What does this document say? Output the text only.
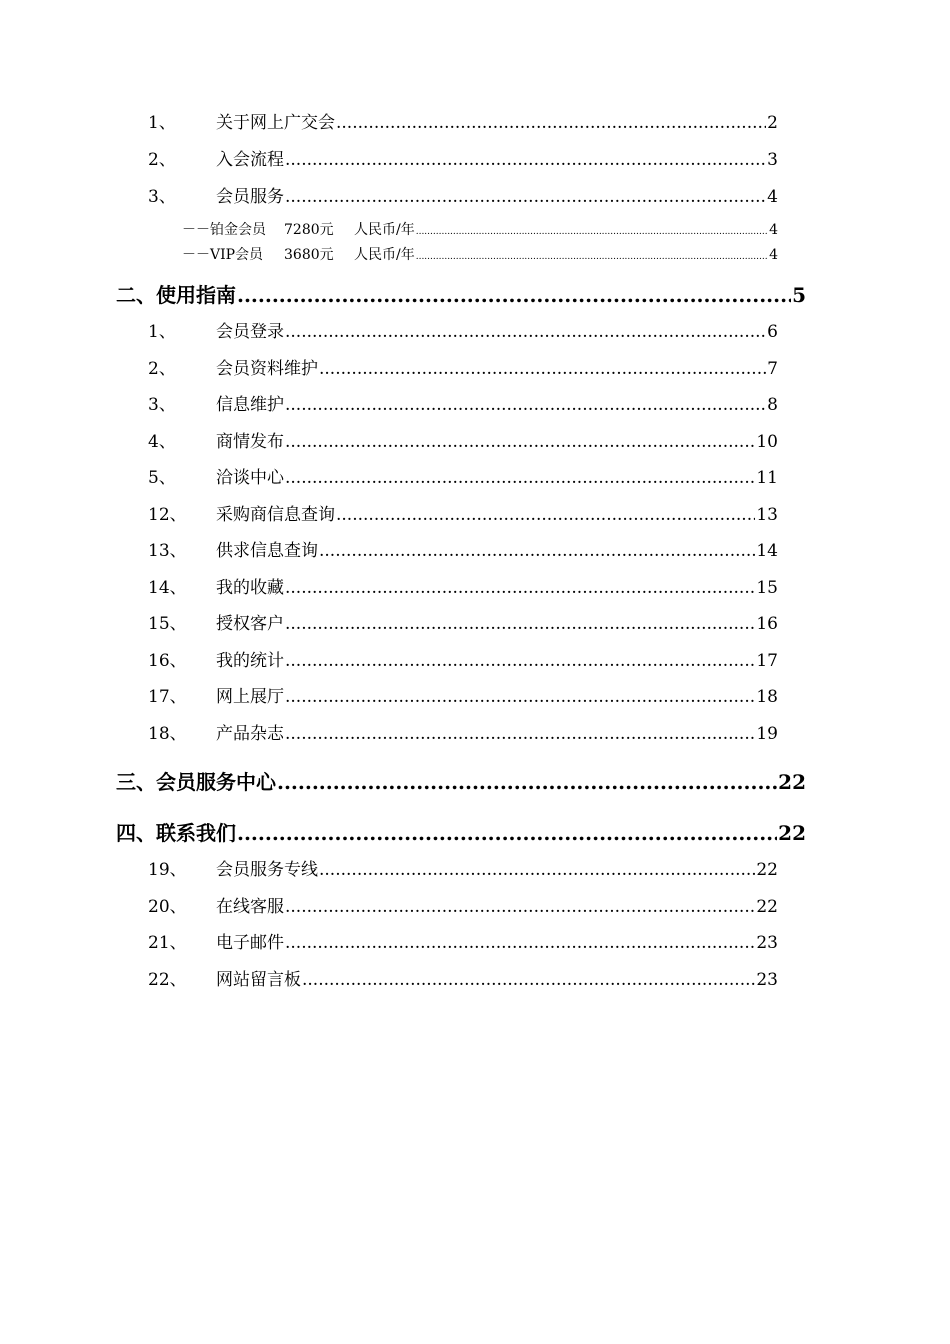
1、	关于网上广交会 .....	2
2、	入会流程 .....	3
3、	会员服务 .....	4
－－铂金会员	7280元	人民币/年 .....	4
－－VIP会员	3680元	人民币/年 .....	4
二、使用指南 .....	5
1、	会员登录 .....	6
2、	会员资料维护 .....	7
3、	信息维护 .....	8
4、	商情发布 .....	10
5、	洽谈中心 .....	11
12、	采购商信息查询 .....	13
13、	供求信息查询 .....	14
14、	我的收藏 .....	15
15、	授权客户 .....	16
16、	我的统计 .....	17
17、	网上展厅 .....	18
18、	产品杂志 .....	19
三、会员服务中心 .....	22
四、联系我们 .....	22
19、	会员服务专线 .....	22
20、	在线客服 .....	22
21、	电子邮件 .....	23
22、	网站留言板 .....	23
